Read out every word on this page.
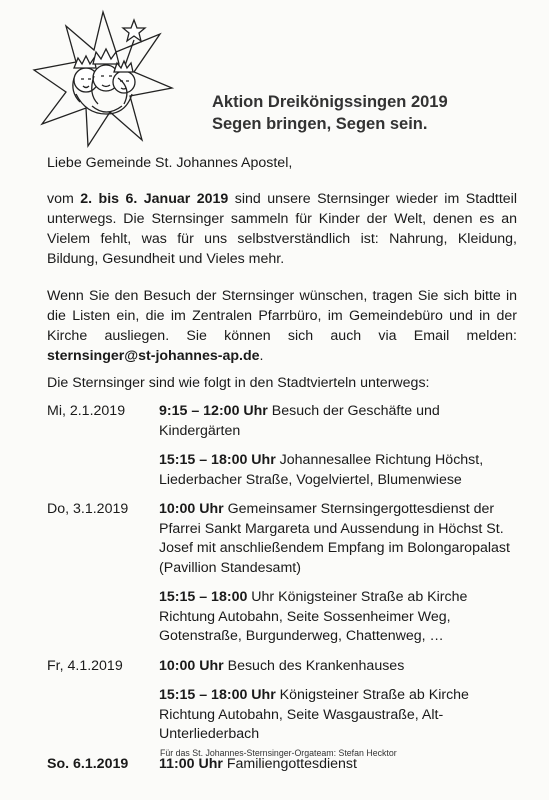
Aktion Dreikönigssingen 2019
Segen bringen, Segen sein.
Liebe Gemeinde St. Johannes Apostel,
vom 2. bis 6. Januar 2019 sind unsere Sternsinger wieder im Stadtteil unterwegs. Die Sternsinger sammeln für Kinder der Welt, denen es an Vielem fehlt, was für uns selbstverständlich ist: Nahrung, Kleidung, Bildung, Gesundheit und Vieles mehr.
Wenn Sie den Besuch der Sternsinger wünschen, tragen Sie sich bitte in die Listen ein, die im Zentralen Pfarrbüro, im Gemeindebüro und in der Kirche ausliegen. Sie können sich auch via Email melden: sternsinger@st-johannes-ap.de.
Die Sternsinger sind wie folgt in den Stadtvierteln unterwegs:
Mi, 2.1.2019	9:15 – 12:00 Uhr Besuch der Geschäfte und Kindergärten
15:15 – 18:00 Uhr Johannesallee Richtung Höchst, Liederbacher Straße, Vogelviertel, Blumenwiese
Do, 3.1.2019	10:00 Uhr Gemeinsamer Sternsingergottesdienst der Pfarrei Sankt Margareta und Aussendung in Höchst St. Josef mit anschließendem Empfang im Bolongaropalast (Pavillion Standesamt)
15:15 – 18:00 Uhr Königsteiner Straße ab Kirche Richtung Autobahn, Seite Sossenheimer Weg, Gotenstraße, Burgunderweg, Chattenweg, …
Fr, 4.1.2019	10:00 Uhr Besuch des Krankenhauses
15:15 – 18:00 Uhr Königsteiner Straße ab Kirche Richtung Autobahn, Seite Wasgaustraße, Alt-Unterliederbach
So. 6.1.2019	11:00 Uhr Familiengottesdienst
Für das St. Johannes-Sternsinger-Orgateam: Stefan Hecktor
